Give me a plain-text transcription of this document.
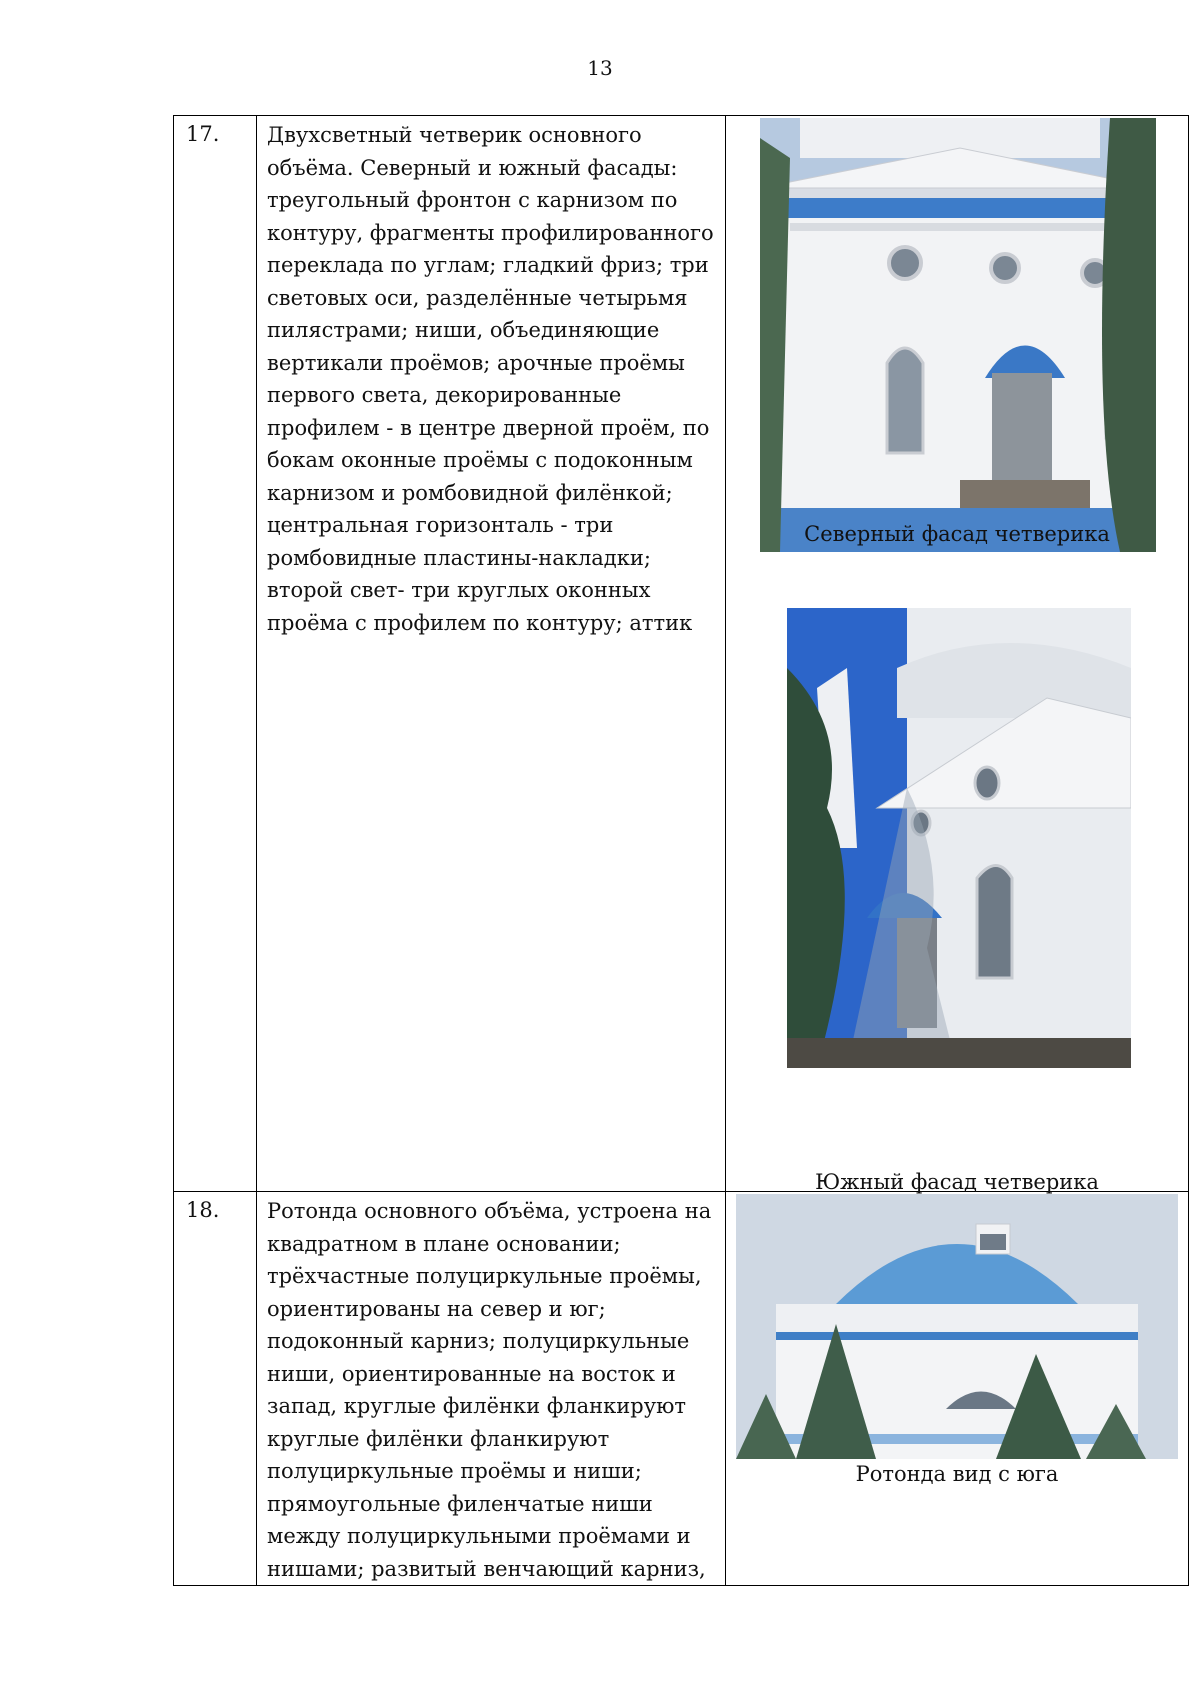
13
17.	Двухсветный четверик основного объёма. Северный и южный фасады: треугольный фронтон с карнизом по контуру, фрагменты профилированного переклада по углам; гладкий фриз; три световых оси, разделённые четырьмя пилястрами; ниши, объединяющие вертикали проёмов; арочные проёмы первого света, декорированные профилем - в центре дверной проём, по бокам оконные проёмы с подоконным карнизом и ромбовидной филёнкой; центральная горизонталь - три ромбовидные пластины-накладки; второй свет- три круглых оконных проёма с профилем по контуру; аттик	Северный фасад четверика
Южный фасад четверика

18.	Ротонда основного объёма, устроена на квадратном в плане основании; трёхчастные полуциркульные проёмы, ориентированы на север и юг; подоконный карниз; полуциркульные ниши, ориентированные на восток и запад, круглые филёнки фланкируют круглые филёнки фланкируют полуциркульные проёмы и ниши; прямоугольные филенчатые ниши между полуциркульными проёмами и нишами; развитый венчающий карниз,	Ротонда вид с юга
